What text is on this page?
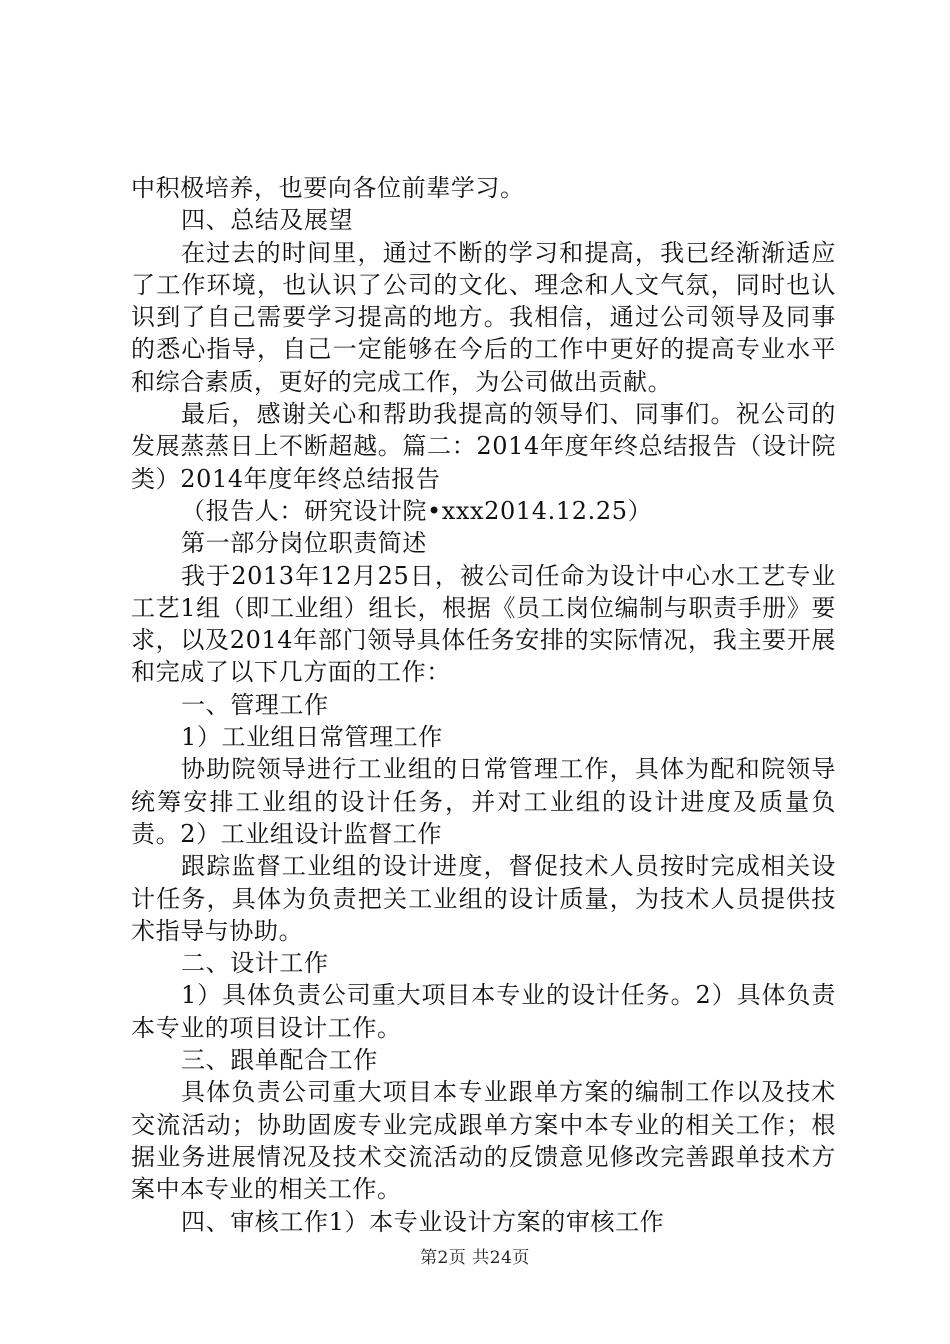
中积极培养，也要向各位前辈学习。

四、总结及展望

在过去的时间里，通过不断的学习和提高，我已经渐渐适应了工作环境，也认识了公司的文化、理念和人文气氛，同时也认识到了自己需要学习提高的地方。我相信，通过公司领导及同事的悉心指导，自己一定能够在今后的工作中更好的提高专业水平和综合素质，更好的完成工作，为公司做出贡献。

最后，感谢关心和帮助我提高的领导们、同事们。祝公司的发展蒸蒸日上不断超越。篇二：2014年度年终总结报告（设计院类）2014年度年终总结报告

（报告人：研究设计院•xxx2014.12.25）

第一部分岗位职责简述

我于2013年12月25日，被公司任命为设计中心水工艺专业工艺1组（即工业组）组长，根据《员工岗位编制与职责手册》要求，以及2014年部门领导具体任务安排的实际情况，我主要开展和完成了以下几方面的工作：

一、管理工作

1）工业组日常管理工作

协助院领导进行工业组的日常管理工作，具体为配和院领导统筹安排工业组的设计任务，并对工业组的设计进度及质量负责。2）工业组设计监督工作

跟踪监督工业组的设计进度，督促技术人员按时完成相关设计任务，具体为负责把关工业组的设计质量，为技术人员提供技术指导与协助。

二、设计工作

1）具体负责公司重大项目本专业的设计任务。2）具体负责本专业的项目设计工作。

三、跟单配合工作

具体负责公司重大项目本专业跟单方案的编制工作以及技术交流活动；协助固废专业完成跟单方案中本专业的相关工作；根据业务进展情况及技术交流活动的反馈意见修改完善跟单技术方案中本专业的相关工作。

四、审核工作1）本专业设计方案的审核工作

第2页 共24页
